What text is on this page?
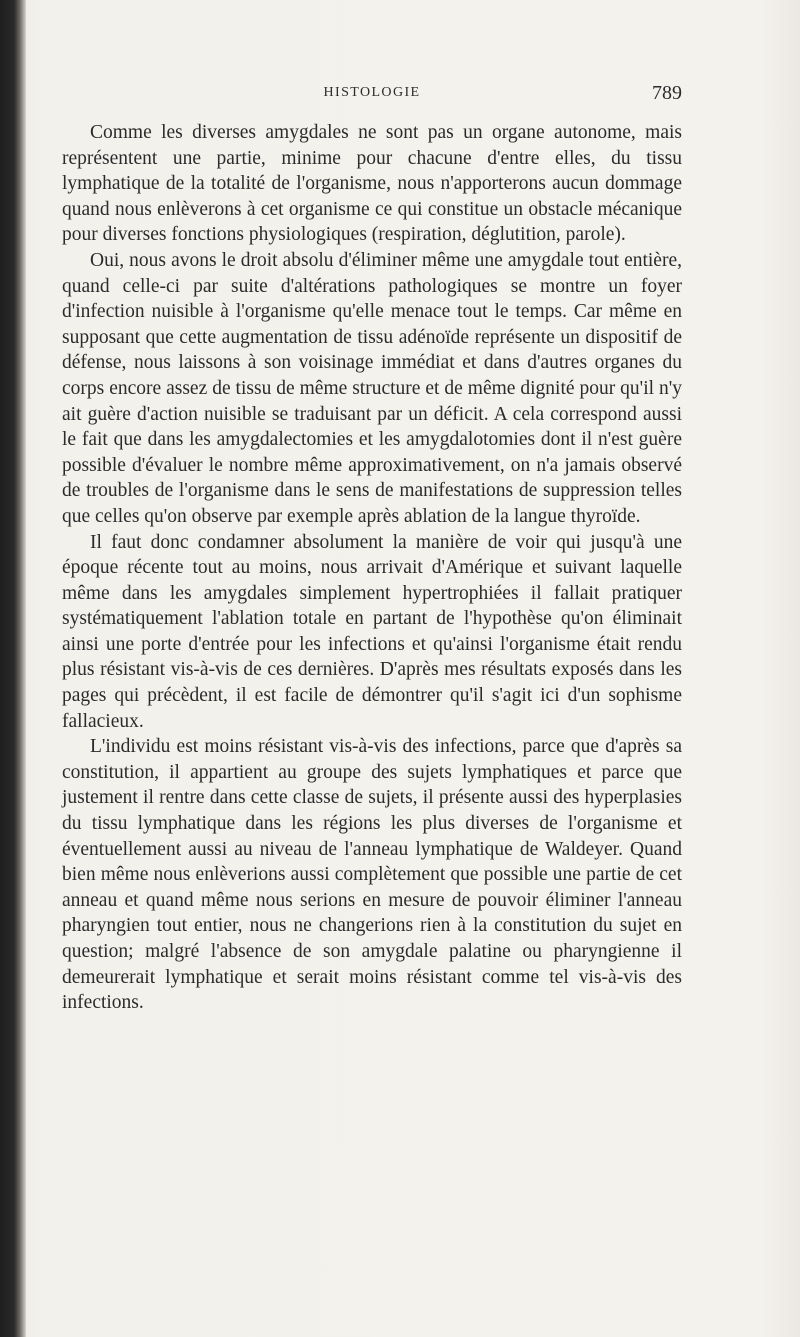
HISTOLOGIE	789

Comme les diverses amygdales ne sont pas un organe autonome, mais représentent une partie, minime pour chacune d'entre elles, du tissu lymphatique de la totalité de l'organisme, nous n'apporterons aucun dommage quand nous enlèverons à cet organisme ce qui constitue un obstacle mécanique pour diverses fonctions physiologiques (respiration, déglutition, parole).

Oui, nous avons le droit absolu d'éliminer même une amygdale tout entière, quand celle-ci par suite d'altérations pathologiques se montre un foyer d'infection nuisible à l'organisme qu'elle menace tout le temps. Car même en supposant que cette augmentation de tissu adénoïde représente un dispositif de défense, nous laissons à son voisinage immédiat et dans d'autres organes du corps encore assez de tissu de même structure et de même dignité pour qu'il n'y ait guère d'action nuisible se traduisant par un déficit. A cela correspond aussi le fait que dans les amygdalectomies et les amygdalotomies dont il n'est guère possible d'évaluer le nombre même approximativement, on n'a jamais observé de troubles de l'organisme dans le sens de manifestations de suppression telles que celles qu'on observe par exemple après ablation de la langue thyroïde.

Il faut donc condamner absolument la manière de voir qui jusqu'à une époque récente tout au moins, nous arrivait d'Amérique et suivant laquelle même dans les amygdales simplement hypertrophiées il fallait pratiquer systématiquement l'ablation totale en partant de l'hypothèse qu'on éliminait ainsi une porte d'entrée pour les infections et qu'ainsi l'organisme était rendu plus résistant vis-à-vis de ces dernières. D'après mes résultats exposés dans les pages qui précèdent, il est facile de démontrer qu'il s'agit ici d'un sophisme fallacieux.

L'individu est moins résistant vis-à-vis des infections, parce que d'après sa constitution, il appartient au groupe des sujets lymphatiques et parce que justement il rentre dans cette classe de sujets, il présente aussi des hyperplasies du tissu lymphatique dans les régions les plus diverses de l'organisme et éventuellement aussi au niveau de l'anneau lymphatique de Waldeyer. Quand bien même nous enlèverions aussi complètement que possible une partie de cet anneau et quand même nous serions en mesure de pouvoir éliminer l'anneau pharyngien tout entier, nous ne changerions rien à la constitution du sujet en question; malgré l'absence de son amygdale palatine ou pharyngienne il demeurerait lymphatique et serait moins résistant comme tel vis-à-vis des infections.
